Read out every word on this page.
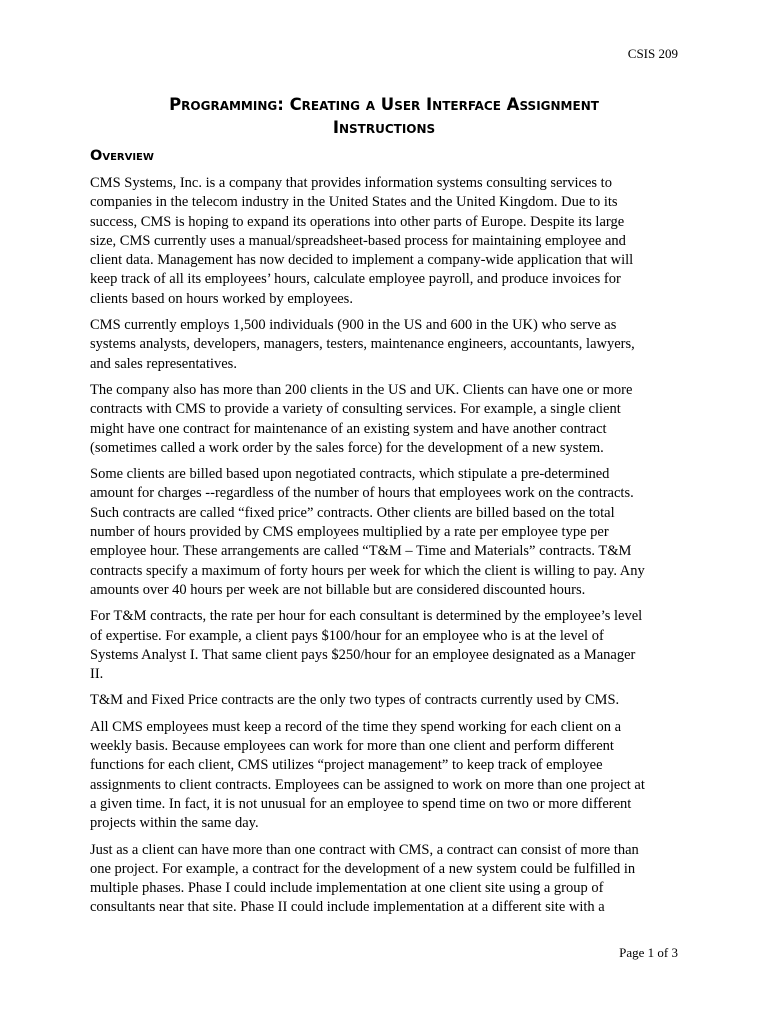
CSIS 209
Programming: Creating a User Interface Assignment
Instructions
Overview

CMS Systems, Inc. is a company that provides information systems consulting services to
companies in the telecom industry in the United States and the United Kingdom. Due to its
success, CMS is hoping to expand its operations into other parts of Europe. Despite its large
size, CMS currently uses a manual/spreadsheet-based process for maintaining employee and
client data. Management has now decided to implement a company-wide application that will
keep track of all its employees’ hours, calculate employee payroll, and produce invoices for
clients based on hours worked by employees.

CMS currently employs 1,500 individuals (900 in the US and 600 in the UK) who serve as
systems analysts, developers, managers, testers, maintenance engineers, accountants, lawyers,
and sales representatives.

The company also has more than 200 clients in the US and UK. Clients can have one or more
contracts with CMS to provide a variety of consulting services. For example, a single client
might have one contract for maintenance of an existing system and have another contract
(sometimes called a work order by the sales force) for the development of a new system.

Some clients are billed based upon negotiated contracts, which stipulate a pre-determined
amount for charges --regardless of the number of hours that employees work on the contracts.
Such contracts are called “fixed price” contracts. Other clients are billed based on the total
number of hours provided by CMS employees multiplied by a rate per employee type per
employee hour. These arrangements are called “T&M – Time and Materials” contracts. T&M
contracts specify a maximum of forty hours per week for which the client is willing to pay. Any
amounts over 40 hours per week are not billable but are considered discounted hours.

For T&M contracts, the rate per hour for each consultant is determined by the employee’s level
of expertise. For example, a client pays $100/hour for an employee who is at the level of
Systems Analyst I. That same client pays $250/hour for an employee designated as a Manager
II.

T&M and Fixed Price contracts are the only two types of contracts currently used by CMS.

All CMS employees must keep a record of the time they spend working for each client on a
weekly basis. Because employees can work for more than one client and perform different
functions for each client, CMS utilizes “project management” to keep track of employee
assignments to client contracts. Employees can be assigned to work on more than one project at
a given time. In fact, it is not unusual for an employee to spend time on two or more different
projects within the same day.

Just as a client can have more than one contract with CMS, a contract can consist of more than
one project. For example, a contract for the development of a new system could be fulfilled in
multiple phases. Phase I could include implementation at one client site using a group of
consultants near that site. Phase II could include implementation at a different site with a

Page 1 of 3
